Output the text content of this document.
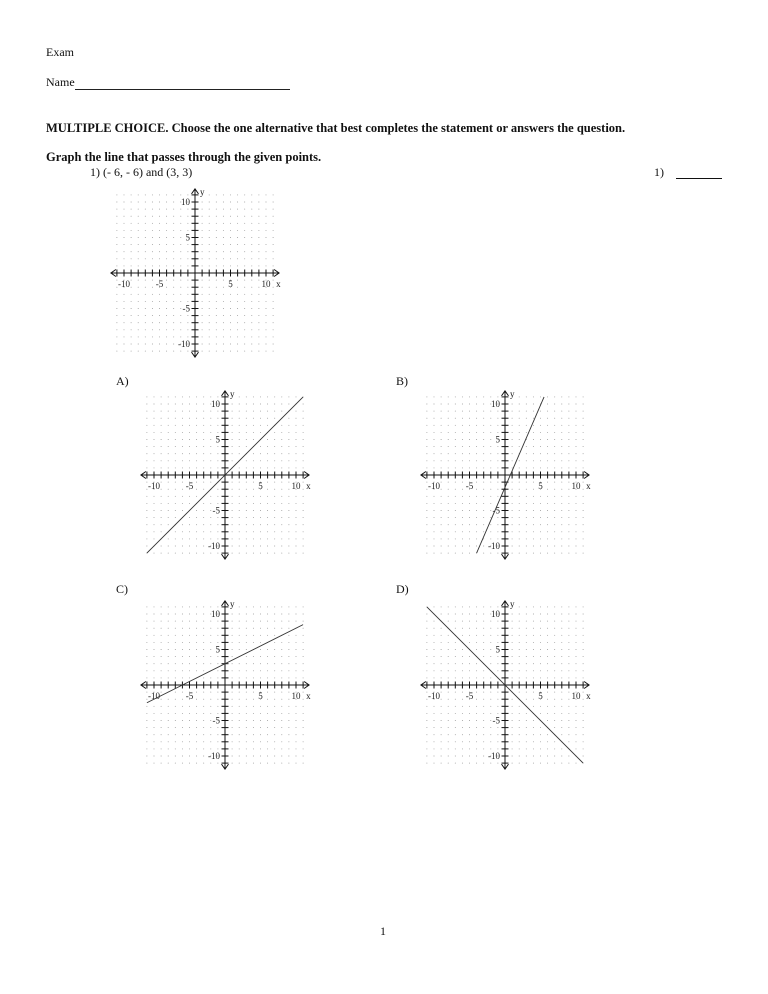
Exam
Name
MULTIPLE CHOICE. Choose the one alternative that best completes the statement or answers the question.
Graph the line that passes through the given points.
1) (- 6, - 6) and (3, 3)	1)
A)	B)
C)	D)
-10	-5	5	10
10
5
-5
-10
x
y
-10	-5	5	10
10
5
-5
-10
x
y
-10	-5	5	10
10
5
-5
-10
x
y
-10	-5	5	10
10
5
-5
-10
x
y
-10	-5	5	10
10
5
-5
-10
x
y
1
